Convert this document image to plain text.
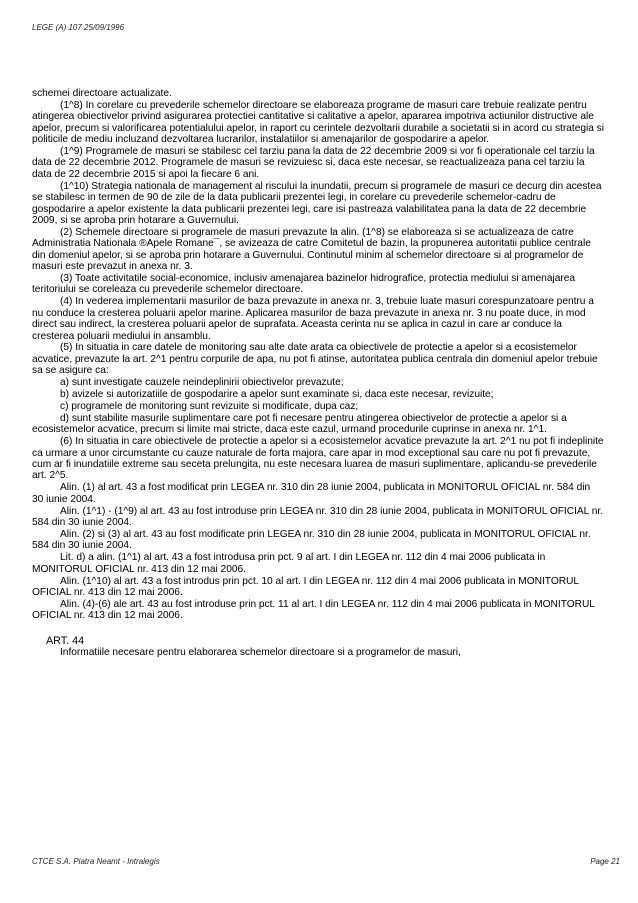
LEGE (A) 107 25/09/1996

schemei directoare actualizate.

(1^8) In corelare cu prevederile schemelor directoare se elaboreaza programe de masuri care trebuie realizate pentru atingerea obiectivelor privind asigurarea protectiei cantitative si calitative a apelor, apararea impotriva actiunilor distructive ale apelor, precum si valorificarea potentialului apelor, in raport cu cerintele dezvoltarii durabile a societatii si in acord cu strategia si politicile de mediu incluzand dezvoltarea lucrarilor, instalatiilor si amenajarilor de gospodarire a apelor.

(1^9) Programele de masuri se stabilesc cel tarziu pana la data de 22 decembrie 2009 si vor fi operationale cel tarziu la data de 22 decembrie 2012. Programele de masuri se revizuiesc si, daca este necesar, se reactualizeaza pana cel tarziu la data de 22 decembrie 2015 si apoi la fiecare 6 ani.

(1^10) Strategia nationala de management al riscului la inundatii, precum si programele de masuri ce decurg din acestea se stabilesc in termen de 90 de zile de la data publicarii prezentei legi, in corelare cu prevederile schemelor-cadru de gospodarire a apelor existente la data publicarii prezentei legi, care isi pastreaza valabilitatea pana la data de 22 decembrie 2009, si se aproba prin hotarare a Guvernului.

(2) Schemele directoare si programele de masuri prevazute la alin. (1^8) se elaboreaza si se actualizeaza de catre Administratia Nationala ®Apele Romane¯, se avizeaza de catre Comitetul de bazin, la propunerea autoritatii publice centrale din domeniul apelor, si se aproba prin hotarare a Guvernului. Continutul minim al schemelor directoare si al programelor de masuri este prevazut in anexa nr. 3.

(3) Toate activitatile social-economice, inclusiv amenajarea bazinelor hidrografice, protectia mediului si amenajarea teritoriului se coreleaza cu prevederile schemelor directoare.

(4) In vederea implementarii masurilor de baza prevazute in anexa nr. 3, trebuie luate masuri corespunzatoare pentru a nu conduce la cresterea poluarii apelor marine. Aplicarea masurilor de baza prevazute in anexa nr. 3 nu poate duce, in mod direct sau indirect, la cresterea poluarii apelor de suprafata. Aceasta cerinta nu se aplica in cazul in care ar conduce la cresterea poluarii mediului in ansamblu.

(5) In situatia in care datele de monitoring sau alte date arata ca obiectivele de protectie a apelor si a ecosistemelor acvatice, prevazute la art. 2^1 pentru corpurile de apa, nu pot fi atinse, autoritatea publica centrala din domeniul apelor trebuie sa se asigure ca:

a) sunt investigate cauzele neindeplinirii obiectivelor prevazute;

b) avizele si autorizatiile de gospodarire a apelor sunt examinate si, daca este necesar, revizuite;

c) programele de monitoring sunt revizuite si modificate, dupa caz;

d) sunt stabilite masurile suplimentare care pot fi necesare pentru atingerea obiectivelor de protectie a apelor si a ecosistemelor acvatice, precum si limite mai stricte, daca este cazul, urmand procedurile cuprinse in anexa nr. 1^1.

(6) In situatia in care obiectivele de protectie a apelor si a ecosistemelor acvatice prevazute la art. 2^1 nu pot fi indeplinite ca urmare a unor circumstante cu cauze naturale de forta majora, care apar in mod exceptional sau care nu pot fi prevazute, cum ar fi inundatiile extreme sau seceta prelungita, nu este necesara luarea de masuri suplimentare, aplicandu-se prevederile art. 2^5.

Alin. (1) al art. 43 a fost modificat prin LEGEA nr. 310 din 28 iunie 2004, publicata in MONITORUL OFICIAL nr. 584 din 30 iunie 2004.

Alin. (1^1) - (1^9) al art. 43 au fost introduse prin LEGEA nr. 310 din 28 iunie 2004, publicata in MONITORUL OFICIAL nr. 584 din 30 iunie 2004.

Alin. (2) si (3) al art. 43 au fost modificate prin LEGEA nr. 310 din 28 iunie 2004, publicata in MONITORUL OFICIAL nr. 584 din 30 iunie 2004.

Lit. d) a alin. (1^1) al art. 43 a fost introdusa prin pct. 9 al art. I din LEGEA nr. 112 din 4 mai 2006 publicata in MONITORUL OFICIAL nr. 413 din 12 mai 2006.

Alin. (1^10) al art. 43 a fost introdus prin pct. 10 al art. I din LEGEA nr. 112 din 4 mai 2006 publicata in MONITORUL OFICIAL nr. 413 din 12 mai 2006.

Alin. (4)-(6) ale art. 43 au fost introduse prin pct. 11 al art. I din LEGEA nr. 112 din 4 mai 2006 publicata in MONITORUL OFICIAL nr. 413 din 12 mai 2006.

ART. 44

Informatiile necesare pentru elaborarea schemelor directoare si a programelor de masuri,

CTCE S.A. Piatra Neamt - Intralegis	Page 21
